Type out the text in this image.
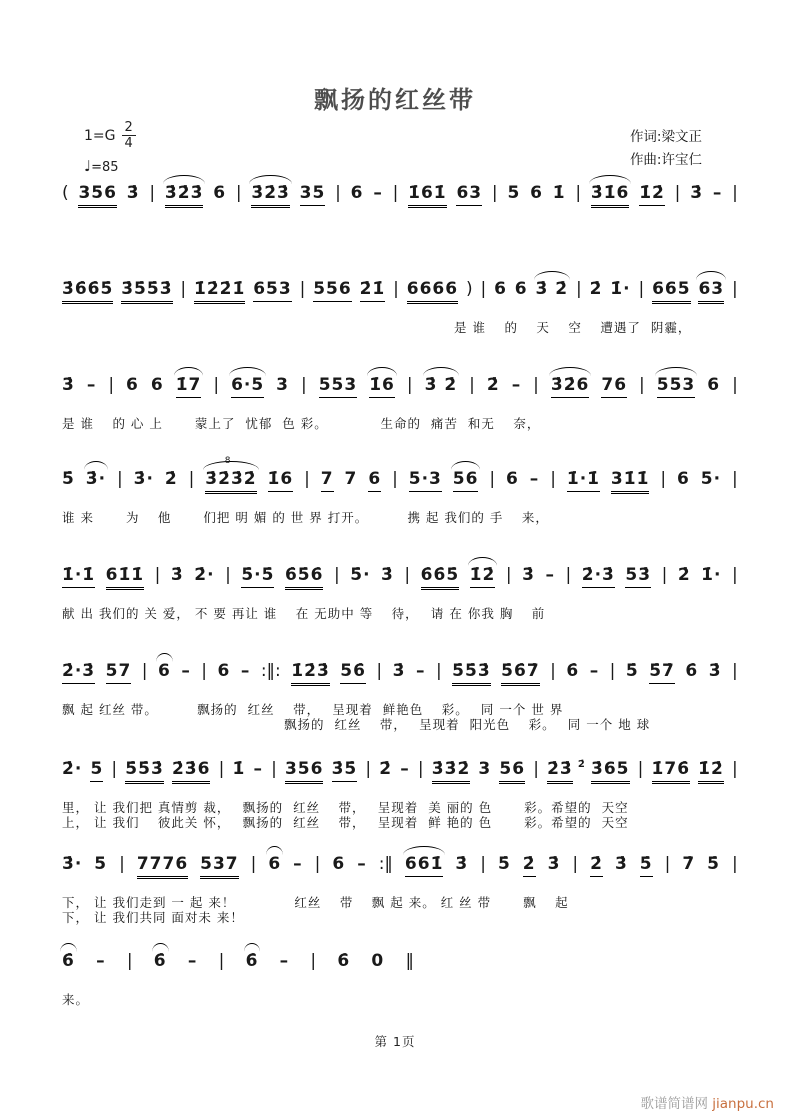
飘扬的红丝带
$1=G \frac{2}{4}$
♩=85
作词:梁文正
作曲:许宝仁
( 356 3̇ | 3̇2̇3̇ 6 | 3̇2̇3̇ 35 | 6 – | 1̇61̇ 63 | 5 6 1̇ | 3̇1̇6 1̇2̇ | 3̇ – |
3̇6̇6̇5̇ 3̇5̇5̇3̇ | 1̇2̇2̇1̇ 653 | 556 2̇1̇ | 6666 ) | 6 6 3̇ 2̇ | 2̇ 1̇· | 665 63 |
是 谁　 的　 天　 空　 遭遇了  阴霾，
3̇ – | 6 6 1̇7 | 6·5 3 | 553 1̇6 | 3̇ 2̇ | 2̇ – | 3̇2̇6 76 | 553 6 |
是 谁　 的 心 上　　 蒙上了  忧郁  色 彩。　　　　 生命的  痛苦  和无　 奈，
5̇ 3̇· | 3̇· 2̇ | 3̇2̇3̇2̇
8
1̇6 | 7 7 6 | 5·3 56 | 6 – | 1̇·1̇ 31̇1̇ | 6 5· |
谁 来　　 为　 他　　 们把 明 媚 的 世 界 打开。　　　 携 起 我们的 手　 来，
1̇·1̇ 61̇1̇ | 3̇ 2̇· | 5̇·5̇ 6̇5̇6̇ | 5̇· 3̇ | 6̇6̇5̇ 1̇2̇ | 3̇ – | 2̇·3̇ 53̇ | 2̇ 1̇· |
献 出 我们的 关 爱， 不 要 再让 谁　 在 无助中 等　 待，　 请 在 你我 胸　 前
2̇·3̇ 57 | 6 – | 6 – :‖: 1̇2̇3̇ 56̇ | 3̇ – | 5̇5̇3̇ 5̇6̇7̇ | 6̇ – | 5̇ 5̇7̇ 6̇ 3̇ |
飘 起 红丝 带。　　　 飘扬的  红丝　 带，　 呈现着  鲜艳色　 彩。　 同 一个 世 界
飘扬的  红丝　 带，　 呈现着  阳光色　 彩。　 同 一个 地 球
2̇· 5 | 5̇5̇3̇ 2̇3̇6 | 1̇ – | 356 3̇5̇ | 2̇ – | 3̇3̇2̇ 3 56 | 2̇3̇ 2̇ 3̇65 | 1̇76̇ 1̇2̇ |
里， 让 我们把 真情剪 裁，　 飘扬的  红丝　 带，　 呈现着  美 丽的 色　　 彩。希望的  天空
上， 让 我们　 彼此关 怀，　 飘扬的  红丝　 带，　 呈现着  鲜 艳的 色　　 彩。希望的  天空
3̇· 5 | 7776 537 | 6 – | 6 – :‖ 661̇ 3̇ | 5̇ 2̇ 3̇ | 2̇ 3̇ 5̇ | 7̇ 5̇ |
下， 让 我们走到 一 起 来！　　　　 红丝　 带　 飘 起 来。 红 丝 带　　 飘　 起
下， 让 我们共同 面对未 来！
6̇ – | 6̇ – | 6̇ – | 6̇ 0 ‖
来。
第 1页
歌谱简谱网 jianpu.cn
